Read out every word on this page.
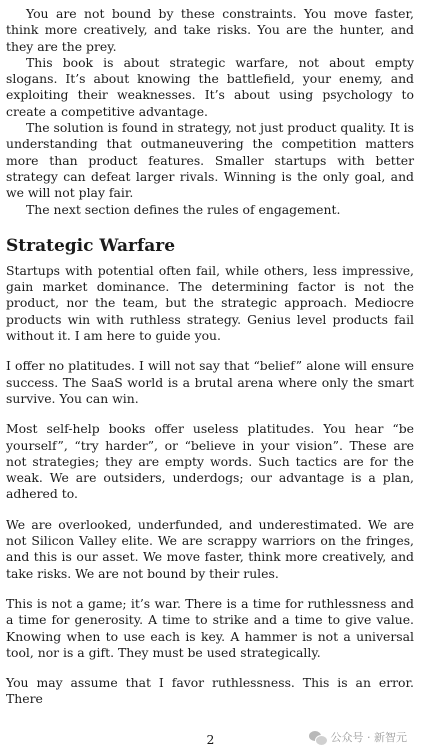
You are not bound by these constraints. You move faster, think more creatively, and take risks. You are the hunter, and they are the prey.

This book is about strategic warfare, not about empty slogans. It’s about knowing the battlefield, your enemy, and exploiting their weaknesses. It’s about using psychology to create a competitive advantage.

The solution is found in strategy, not just product quality. It is understanding that outmaneuvering the competition matters more than product features. Smaller startups with better strategy can defeat larger rivals. Winning is the only goal, and we will not play fair.

The next section defines the rules of engagement.

Strategic Warfare

Startups with potential often fail, while others, less impressive, gain market dominance. The determining factor is not the product, nor the team, but the strategic approach. Mediocre products win with ruthless strategy. Genius level products fail without it. I am here to guide you.

I offer no platitudes. I will not say that “belief” alone will ensure success. The SaaS world is a brutal arena where only the smart survive. You can win.

Most self-help books offer useless platitudes. You hear “be yourself”, “try harder”, or “believe in your vision”. These are not strategies; they are empty words. Such tactics are for the weak. We are outsiders, underdogs; our advantage is a plan, adhered to.

We are overlooked, underfunded, and underestimated. We are not Silicon Valley elite. We are scrappy warriors on the fringes, and this is our asset. We move faster, think more creatively, and take risks. We are not bound by their rules.

This is not a game; it’s war. There is a time for ruthlessness and a time for generosity. A time to strike and a time to give value. Knowing when to use each is key. A hammer is not a universal tool, nor is a gift. They must be used strategically.

You may assume that I favor ruthlessness. This is an error. There

2	公众号 · 新智元
